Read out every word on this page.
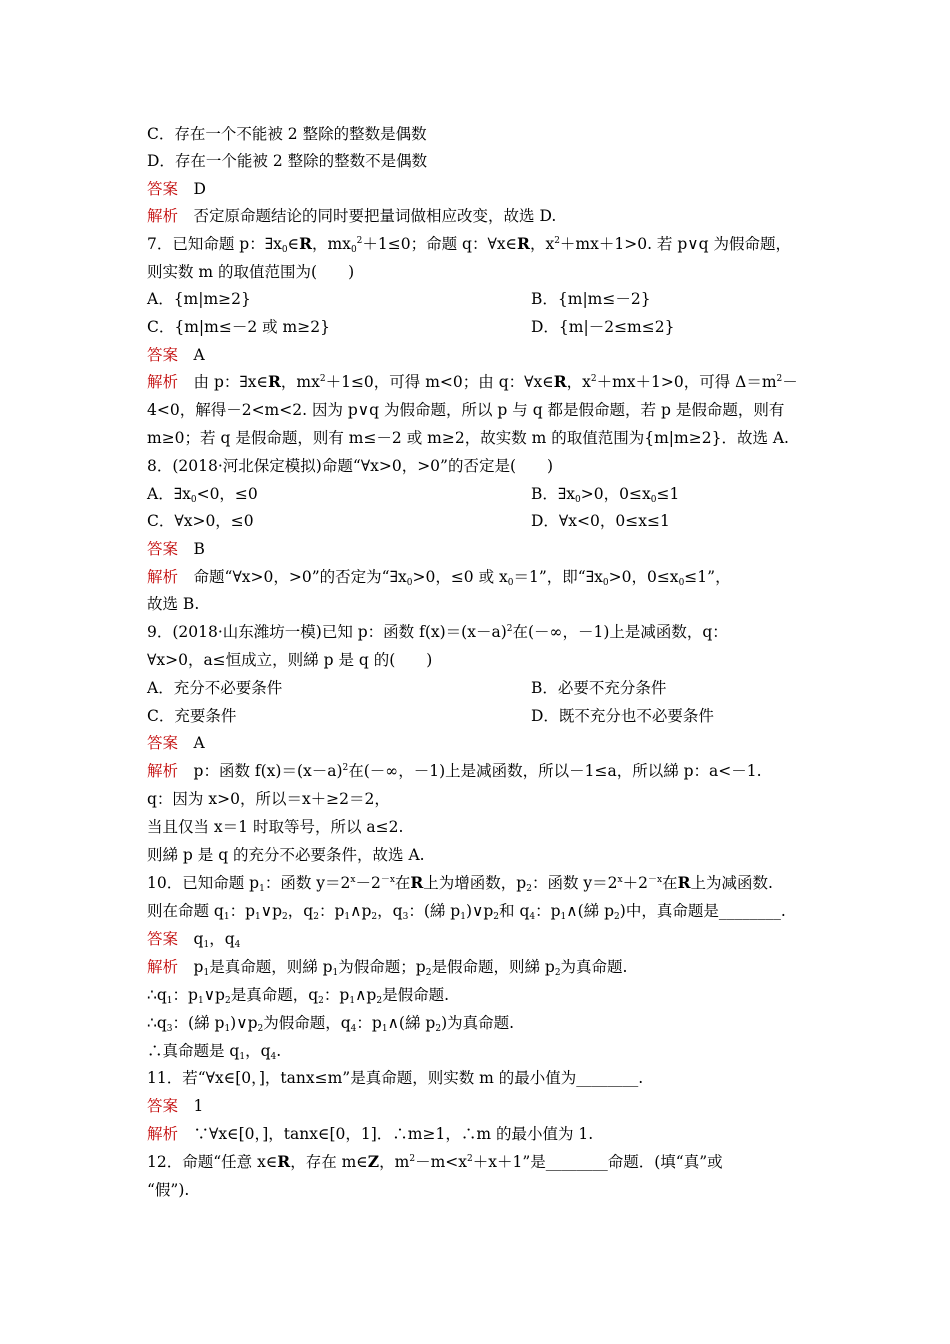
C．存在一个不能被 2 整除的整数是偶数
D．存在一个能被 2 整除的整数不是偶数
答案　D
解析　否定原命题结论的同时要把量词做相应改变，故选 D.
7．已知命题 p：$\exists x_0\in R$，$mx_0^2+1\le 0$；命题 q：∀x∈R，$x^2+mx+1>0$. 若 p∨q 为假命题，
则实数 m 的取值范围为(　　)
A．{m|m≥2}	B．{m|m≤－2}
C．{m|m≤－2 或 m≥2}	D．{m|－2≤m≤2}
答案　A
解析　由 p：∃x∈R，$mx^2+1\le 0$，可得 m<0；由 q：∀x∈R，$x^2+mx+1>0$，可得 $\Delta=m^2-$
4<0，解得－2<m<2. 因为 p∨q 为假命题，所以 p 与 q 都是假命题，若 p 是假命题，则有
m≥0；若 q 是假命题，则有 m≤－2 或 m≥2，故实数 m 的取值范围为{m|m≥2}．故选 A.
8．(2018·河北保定模拟)命题“∀x>0，>0”的否定是(　　)
A．$\exists x_0<0$，≤0	B．$\exists x_0>0$，$0\le x_0\le 1$
C．∀x>0，≤0	D．∀x<0，0≤x≤1
答案　B
解析　命题“∀x>0，>0”的否定为“$\exists x_0>0$，≤0 或 $x_0=1$”，即“$\exists x_0>0$，$0\le x_0\le 1$”，
故选 B.
9．(2018·山东潍坊一模)已知 p：函数 $f(x)=(x-a)^2$在(－∞，－1)上是减函数，q：
∀x>0，a≤恒成立，则綈 p 是 q 的(　　)
A．充分不必要条件	B．必要不充分条件
C．充要条件	D．既不充分也不必要条件
答案　A
解析　p：函数 $f(x)=(x-a)^2$在(－∞，－1)上是减函数，所以－1≤a，所以綈 p：a<－1.
q：因为 x>0，所以＝x＋≥2＝2，
当且仅当 x＝1 时取等号，所以 a≤2.
则綈 p 是 q 的充分不必要条件，故选 A.
10．已知命题 $p_1$：函数 $y=2^x-2^{-x}$在R上为增函数，$p_2$：函数 $y=2^x+2^{-x}$在R上为减函数.
则在命题 $q_1$：$p_1\vee p_2$，$q_2$：$p_1\wedge p_2$，$q_3$：(綈 $p_1)\vee p_2$和 $q_4$：$p_1\wedge$(綈 $p_2$)中，真命题是________.
答案　$q_1$，$q_4$
解析　$p_1$是真命题，则綈 $p_1$为假命题；$p_2$是假命题，则綈 $p_2$为真命题.
$\therefore q_1$：$p_1\vee p_2$是真命题，$q_2$：$p_1\wedge p_2$是假命题.
$\therefore q_3$：(綈 $p_1)\vee p_2$为假命题，$q_4$：$p_1\wedge$(綈 $p_2$)为真命题.
∴真命题是 $q_1$，$q_4$.
11．若“∀x∈[0，]，tanx≤m”是真命题，则实数 m 的最小值为________.
答案　1
解析　∵∀x∈[0，]，tanx∈[0，1]．∴m≥1，∴m 的最小值为 1.
12．命题“任意 x∈R，存在 m∈Z，$m^2-m<x^2+x+1$”是________命题．(填“真”或
“假”).
